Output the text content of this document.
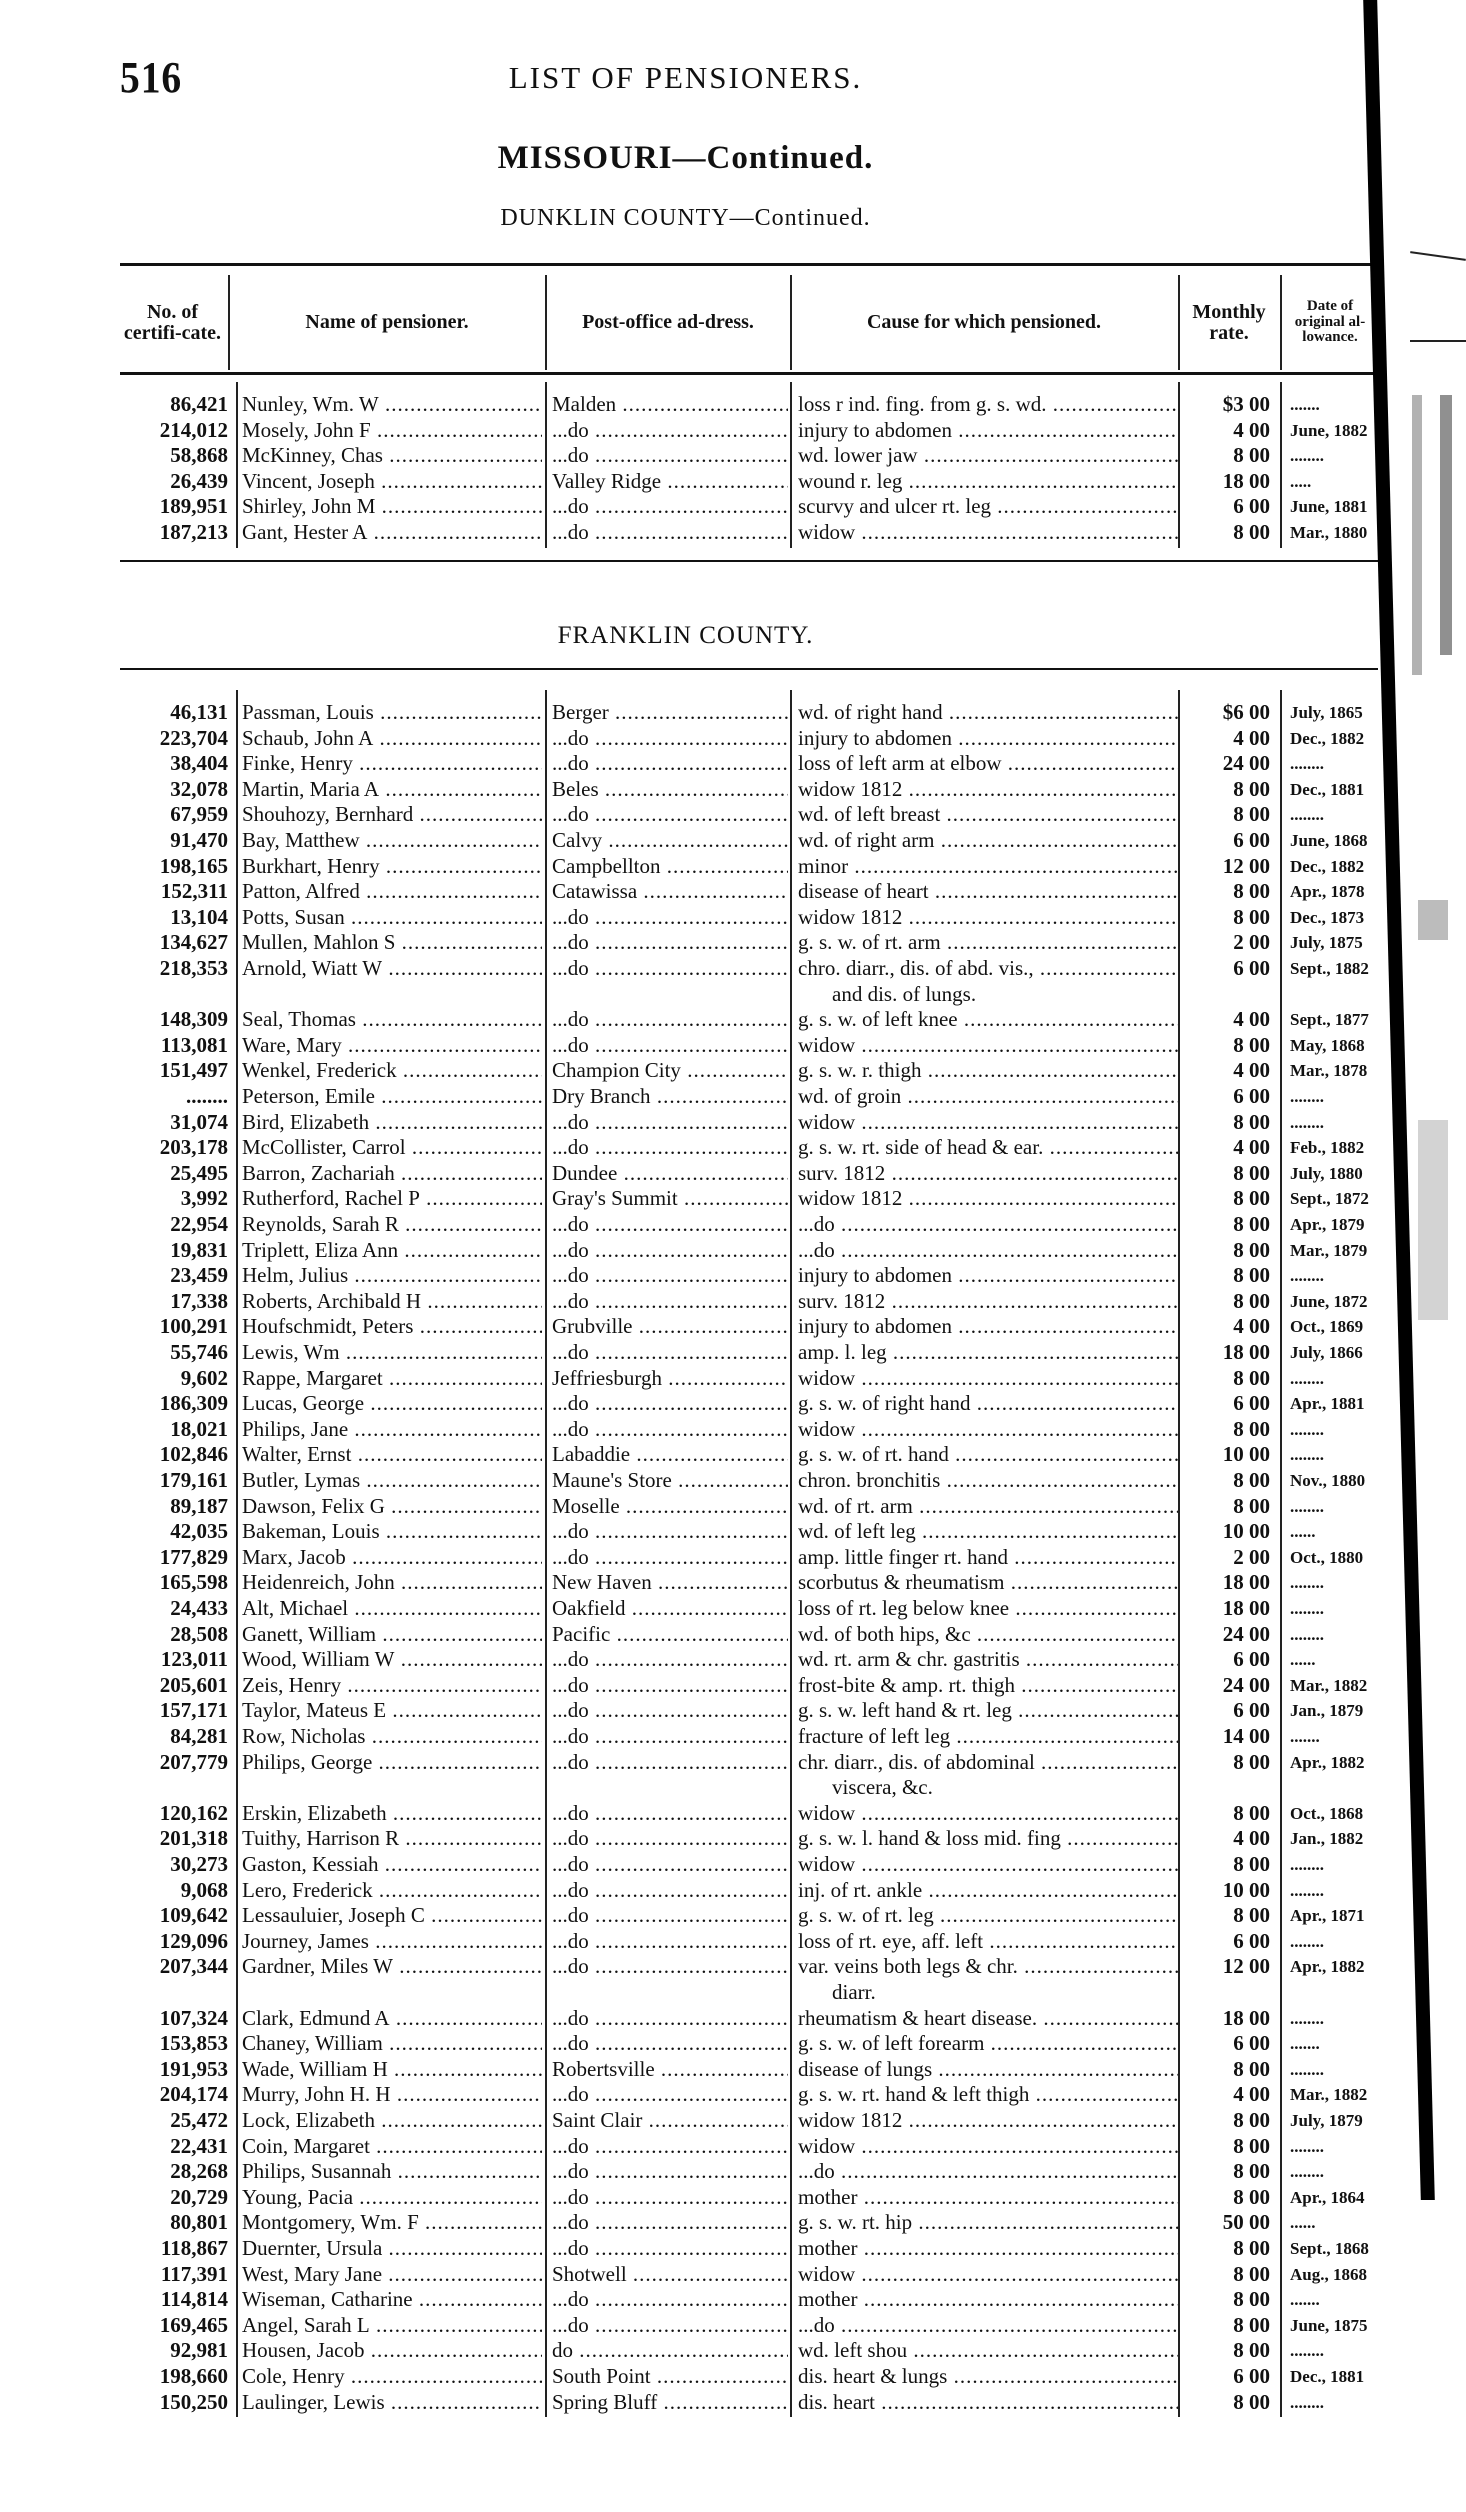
516	LIST OF PENSIONERS.
MISSOURI—Continued.
DUNKLIN COUNTY—Continued.
No. of certifi-cate.	Name of pensioner.	Post-office ad-dress.	Cause for which pensioned.	Monthly rate.
Date of original al-lowance.
FRANKLIN COUNTY.
86,421 Nunley, Wm. W .....	Malden .....	loss r ind. fing. from g. s. wd. .....	$3 00 .......
214,012 Mosely, John F .....	...do .....	injury to abdomen .....	4 00 June, 1882
58,868 McKinney, Chas .....	...do .....	wd. lower jaw .....	8 00 ........
26,439 Vincent, Joseph .....	Valley Ridge .....	wound r. leg .....	18 00 .....
189,951 Shirley, John M .....	...do .....	scurvy and ulcer rt. leg .....	6 00 June, 1881
187,213 Gant, Hester A .....	...do .....	widow .....	8 00 Mar., 1880
46,131 Passman, Louis .....	Berger .....	wd. of right hand .....	$6 00 July, 1865
223,704 Schaub, John A .....	...do .....	injury to abdomen .....	4 00 Dec., 1882
38,404 Finke, Henry .....	...do .....	loss of left arm at elbow .....	24 00 ........
32,078 Martin, Maria A .....	Beles .....	widow 1812 .....	8 00 Dec., 1881
67,959 Shouhozy, Bernhard .....	...do .....	wd. of left breast .....	8 00 ........
91,470 Bay, Matthew .....	Calvy .....	wd. of right arm .....	6 00 June, 1868
198,165 Burkhart, Henry .....	Campbellton .....	minor .....	12 00 Dec., 1882
152,311 Patton, Alfred .....	Catawissa .....	disease of heart .....	8 00 Apr., 1878
13,104 Potts, Susan .....	...do .....	widow 1812 .....	8 00 Dec., 1873
134,627 Mullen, Mahlon S .....	...do .....	g. s. w. of rt. arm .....	2 00 July, 1875
218,353 Arnold, Wiatt W .....	...do .....	chro. diarr., dis. of abd. vis., .....	6 00 Sept., 1882
and dis. of lungs.
148,309 Seal, Thomas .....	...do .....	g. s. w. of left knee .....	4 00 Sept., 1877
113,081 Ware, Mary .....	...do .....	widow .....	8 00 May, 1868
151,497 Wenkel, Frederick .....	Champion City .....	g. s. w. r. thigh .....	4 00 Mar., 1878
........ Peterson, Emile .....	Dry Branch .....	wd. of groin .....	6 00 ........
31,074 Bird, Elizabeth .....	...do .....	widow .....	8 00 ........
203,178 McCollister, Carrol .....	...do .....	g. s. w. rt. side of head & ear. .....	4 00 Feb., 1882
25,495 Barron, Zachariah .....	Dundee .....	surv. 1812 .....	8 00 July, 1880
3,992 Rutherford, Rachel P .....	Gray's Summit .....	widow 1812 .....	8 00 Sept., 1872
22,954 Reynolds, Sarah R .....	...do .....	...do .....	8 00 Apr., 1879
19,831 Triplett, Eliza Ann .....	...do .....	...do .....	8 00 Mar., 1879
23,459 Helm, Julius .....	...do .....	injury to abdomen .....	8 00 ........
17,338 Roberts, Archibald H .....	...do .....	surv. 1812 .....	8 00 June, 1872
100,291 Houfschmidt, Peters .....	Grubville .....	injury to abdomen .....	4 00 Oct., 1869
55,746 Lewis, Wm .....	...do .....	amp. l. leg .....	18 00 July, 1866
9,602 Rappe, Margaret .....	Jeffriesburgh .....	widow .....	8 00 ........
186,309 Lucas, George .....	...do .....	g. s. w. of right hand .....	6 00 Apr., 1881
18,021 Philips, Jane .....	...do .....	widow .....	8 00 ........
102,846 Walter, Ernst .....	Labaddie .....	g. s. w. of rt. hand .....	10 00 ........
179,161 Butler, Lymas .....	Maune's Store .....	chron. bronchitis .....	8 00 Nov., 1880
89,187 Dawson, Felix G .....	Moselle .....	wd. of rt. arm .....	8 00 ........
42,035 Bakeman, Louis .....	...do .....	wd. of left leg .....	10 00 ......
177,829 Marx, Jacob .....	...do .....	amp. little finger rt. hand .....	2 00 Oct., 1880
165,598 Heidenreich, John .....	New Haven .....	scorbutus & rheumatism .....	18 00 ........
24,433 Alt, Michael .....	Oakfield .....	loss of rt. leg below knee .....	18 00 ........
28,508 Ganett, William .....	Pacific .....	wd. of both hips, &c .....	24 00 ........
123,011 Wood, William W .....	...do .....	wd. rt. arm & chr. gastritis .....	6 00 ......
205,601 Zeis, Henry .....	...do .....	frost-bite & amp. rt. thigh .....	24 00 Mar., 1882
157,171 Taylor, Mateus E .....	...do .....	g. s. w. left hand & rt. leg .....	6 00 Jan., 1879
84,281 Row, Nicholas .....	...do .....	fracture of left leg .....	14 00 .......
207,779 Philips, George .....	...do .....	chr. diarr., dis. of abdominal .....	8 00 Apr., 1882
viscera, &c.
120,162 Erskin, Elizabeth .....	...do .....	widow .....	8 00 Oct., 1868
201,318 Tuithy, Harrison R .....	...do .....	g. s. w. l. hand & loss mid. fing .....	4 00 Jan., 1882
30,273 Gaston, Kessiah .....	...do .....	widow .....	8 00 ........
9,068 Lero, Frederick .....	...do .....	inj. of rt. ankle .....	10 00 ........
109,642 Lessauluier, Joseph C .....	...do .....	g. s. w. of rt. leg .....	8 00 Apr., 1871
129,096 Journey, James .....	...do .....	loss of rt. eye, aff. left .....	6 00 ........
207,344 Gardner, Miles W .....	...do .....	var. veins both legs & chr. .....	12 00 Apr., 1882
diarr.
107,324 Clark, Edmund A .....	...do .....	rheumatism & heart disease. .....	18 00 ........
153,853 Chaney, William .....	...do .....	g. s. w. of left forearm .....	6 00 .......
191,953 Wade, William H .....	Robertsville .....	disease of lungs .....	8 00 ........
204,174 Murry, John H. H .....	...do .....	g. s. w. rt. hand & left thigh .....	4 00 Mar., 1882
25,472 Lock, Elizabeth .....	Saint Clair .....	widow 1812 .....	8 00 July, 1879
22,431 Coin, Margaret .....	...do .....	widow .....	8 00 ........
28,268 Philips, Susannah .....	...do .....	...do .....	8 00 ........
20,729 Young, Pacia .....	...do .....	mother .....	8 00 Apr., 1864
80,801 Montgomery, Wm. F .....	...do .....	g. s. w. rt. hip .....	50 00 ......
118,867 Duernter, Ursula .....	...do .....	mother .....	8 00 Sept., 1868
117,391 West, Mary Jane .....	Shotwell .....	widow .....	8 00 Aug., 1868
114,814 Wiseman, Catharine .....	...do .....	mother .....	8 00 .......
169,465 Angel, Sarah L .....	...do .....	...do .....	8 00 June, 1875
92,981 Housen, Jacob .....	do .....	wd. left shou .....	8 00 ........
198,660 Cole, Henry .....	South Point .....	dis. heart & lungs .....	6 00 Dec., 1881
150,250 Laulinger, Lewis .....	Spring Bluff .....	dis. heart .....	8 00 ........
